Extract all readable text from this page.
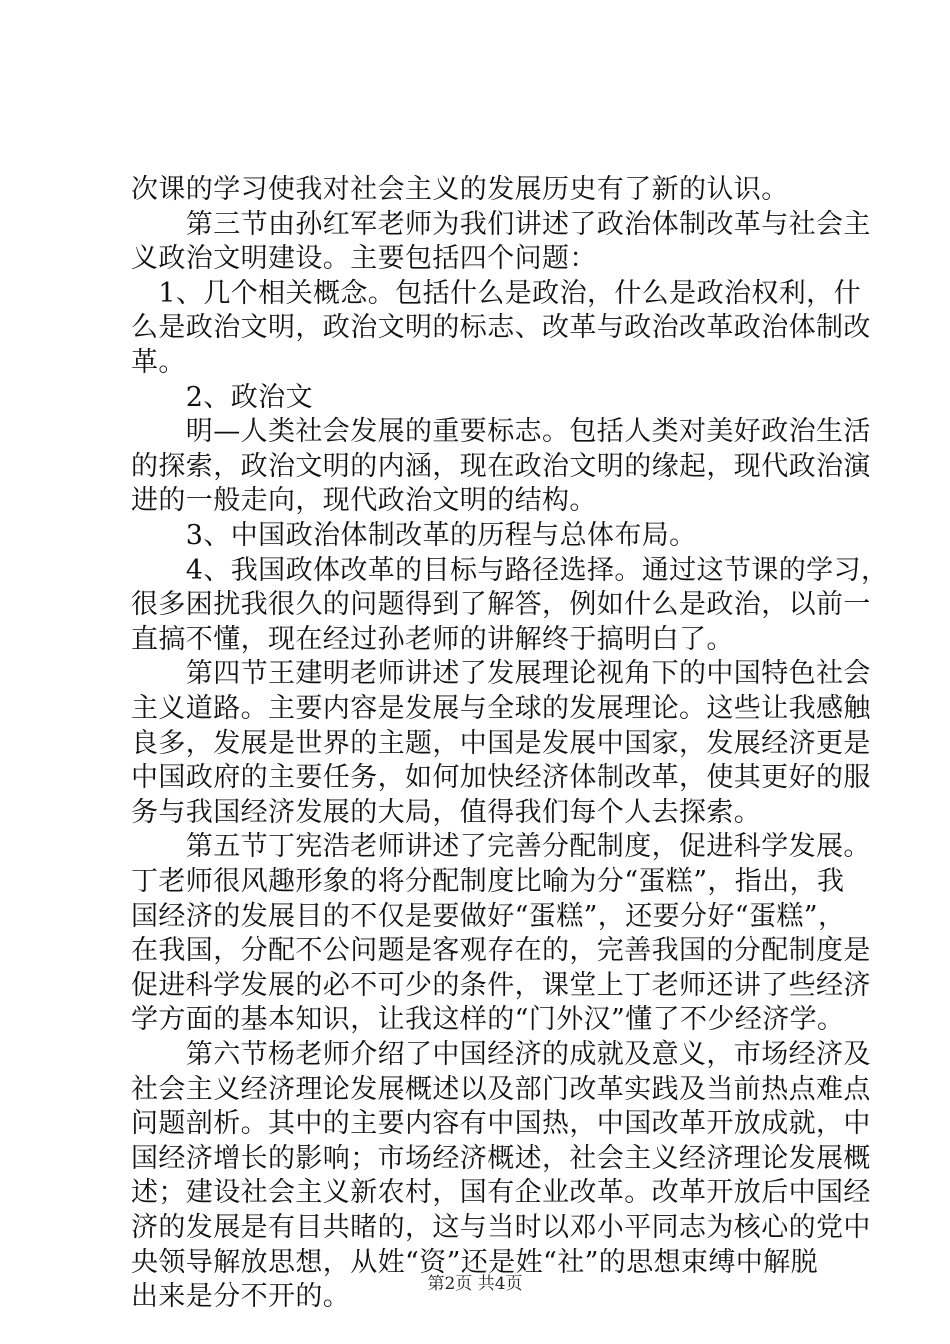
次课的学习使我对社会主义的发展历史有了新的认识。
　　第三节由孙红军老师为我们讲述了政治体制改革与社会主
义政治文明建设。主要包括四个问题：
　1、几个相关概念。包括什么是政治，什么是政治权利，什
么是政治文明，政治文明的标志、改革与政治改革政治体制改
革。
　　2、政治文
　　明—人类社会发展的重要标志。包括人类对美好政治生活
的探索，政治文明的内涵，现在政治文明的缘起，现代政治演
进的一般走向，现代政治文明的结构。
　　3、中国政治体制改革的历程与总体布局。
　　4、我国政体改革的目标与路径选择。通过这节课的学习，
很多困扰我很久的问题得到了解答，例如什么是政治，以前一
直搞不懂，现在经过孙老师的讲解终于搞明白了。
　　第四节王建明老师讲述了发展理论视角下的中国特色社会
主义道路。主要内容是发展与全球的发展理论。这些让我感触
良多，发展是世界的主题，中国是发展中国家，发展经济更是
中国政府的主要任务，如何加快经济体制改革，使其更好的服
务与我国经济发展的大局，值得我们每个人去探索。
　　第五节丁宪浩老师讲述了完善分配制度，促进科学发展。
丁老师很风趣形象的将分配制度比喻为分“蛋糕”，指出，我
国经济的发展目的不仅是要做好“蛋糕”，还要分好“蛋糕”，
在我国，分配不公问题是客观存在的，完善我国的分配制度是
促进科学发展的必不可少的条件，课堂上丁老师还讲了些经济
学方面的基本知识，让我这样的“门外汉”懂了不少经济学。
　　第六节杨老师介绍了中国经济的成就及意义，市场经济及
社会主义经济理论发展概述以及部门改革实践及当前热点难点
问题剖析。其中的主要内容有中国热，中国改革开放成就，中
国经济增长的影响；市场经济概述，社会主义经济理论发展概
述；建设社会主义新农村，国有企业改革。改革开放后中国经
济的发展是有目共睹的，这与当时以邓小平同志为核心的党中
央领导解放思想，从姓“资”还是姓“社”的思想束缚中解脱
出来是分不开的。	第2页 共4页
